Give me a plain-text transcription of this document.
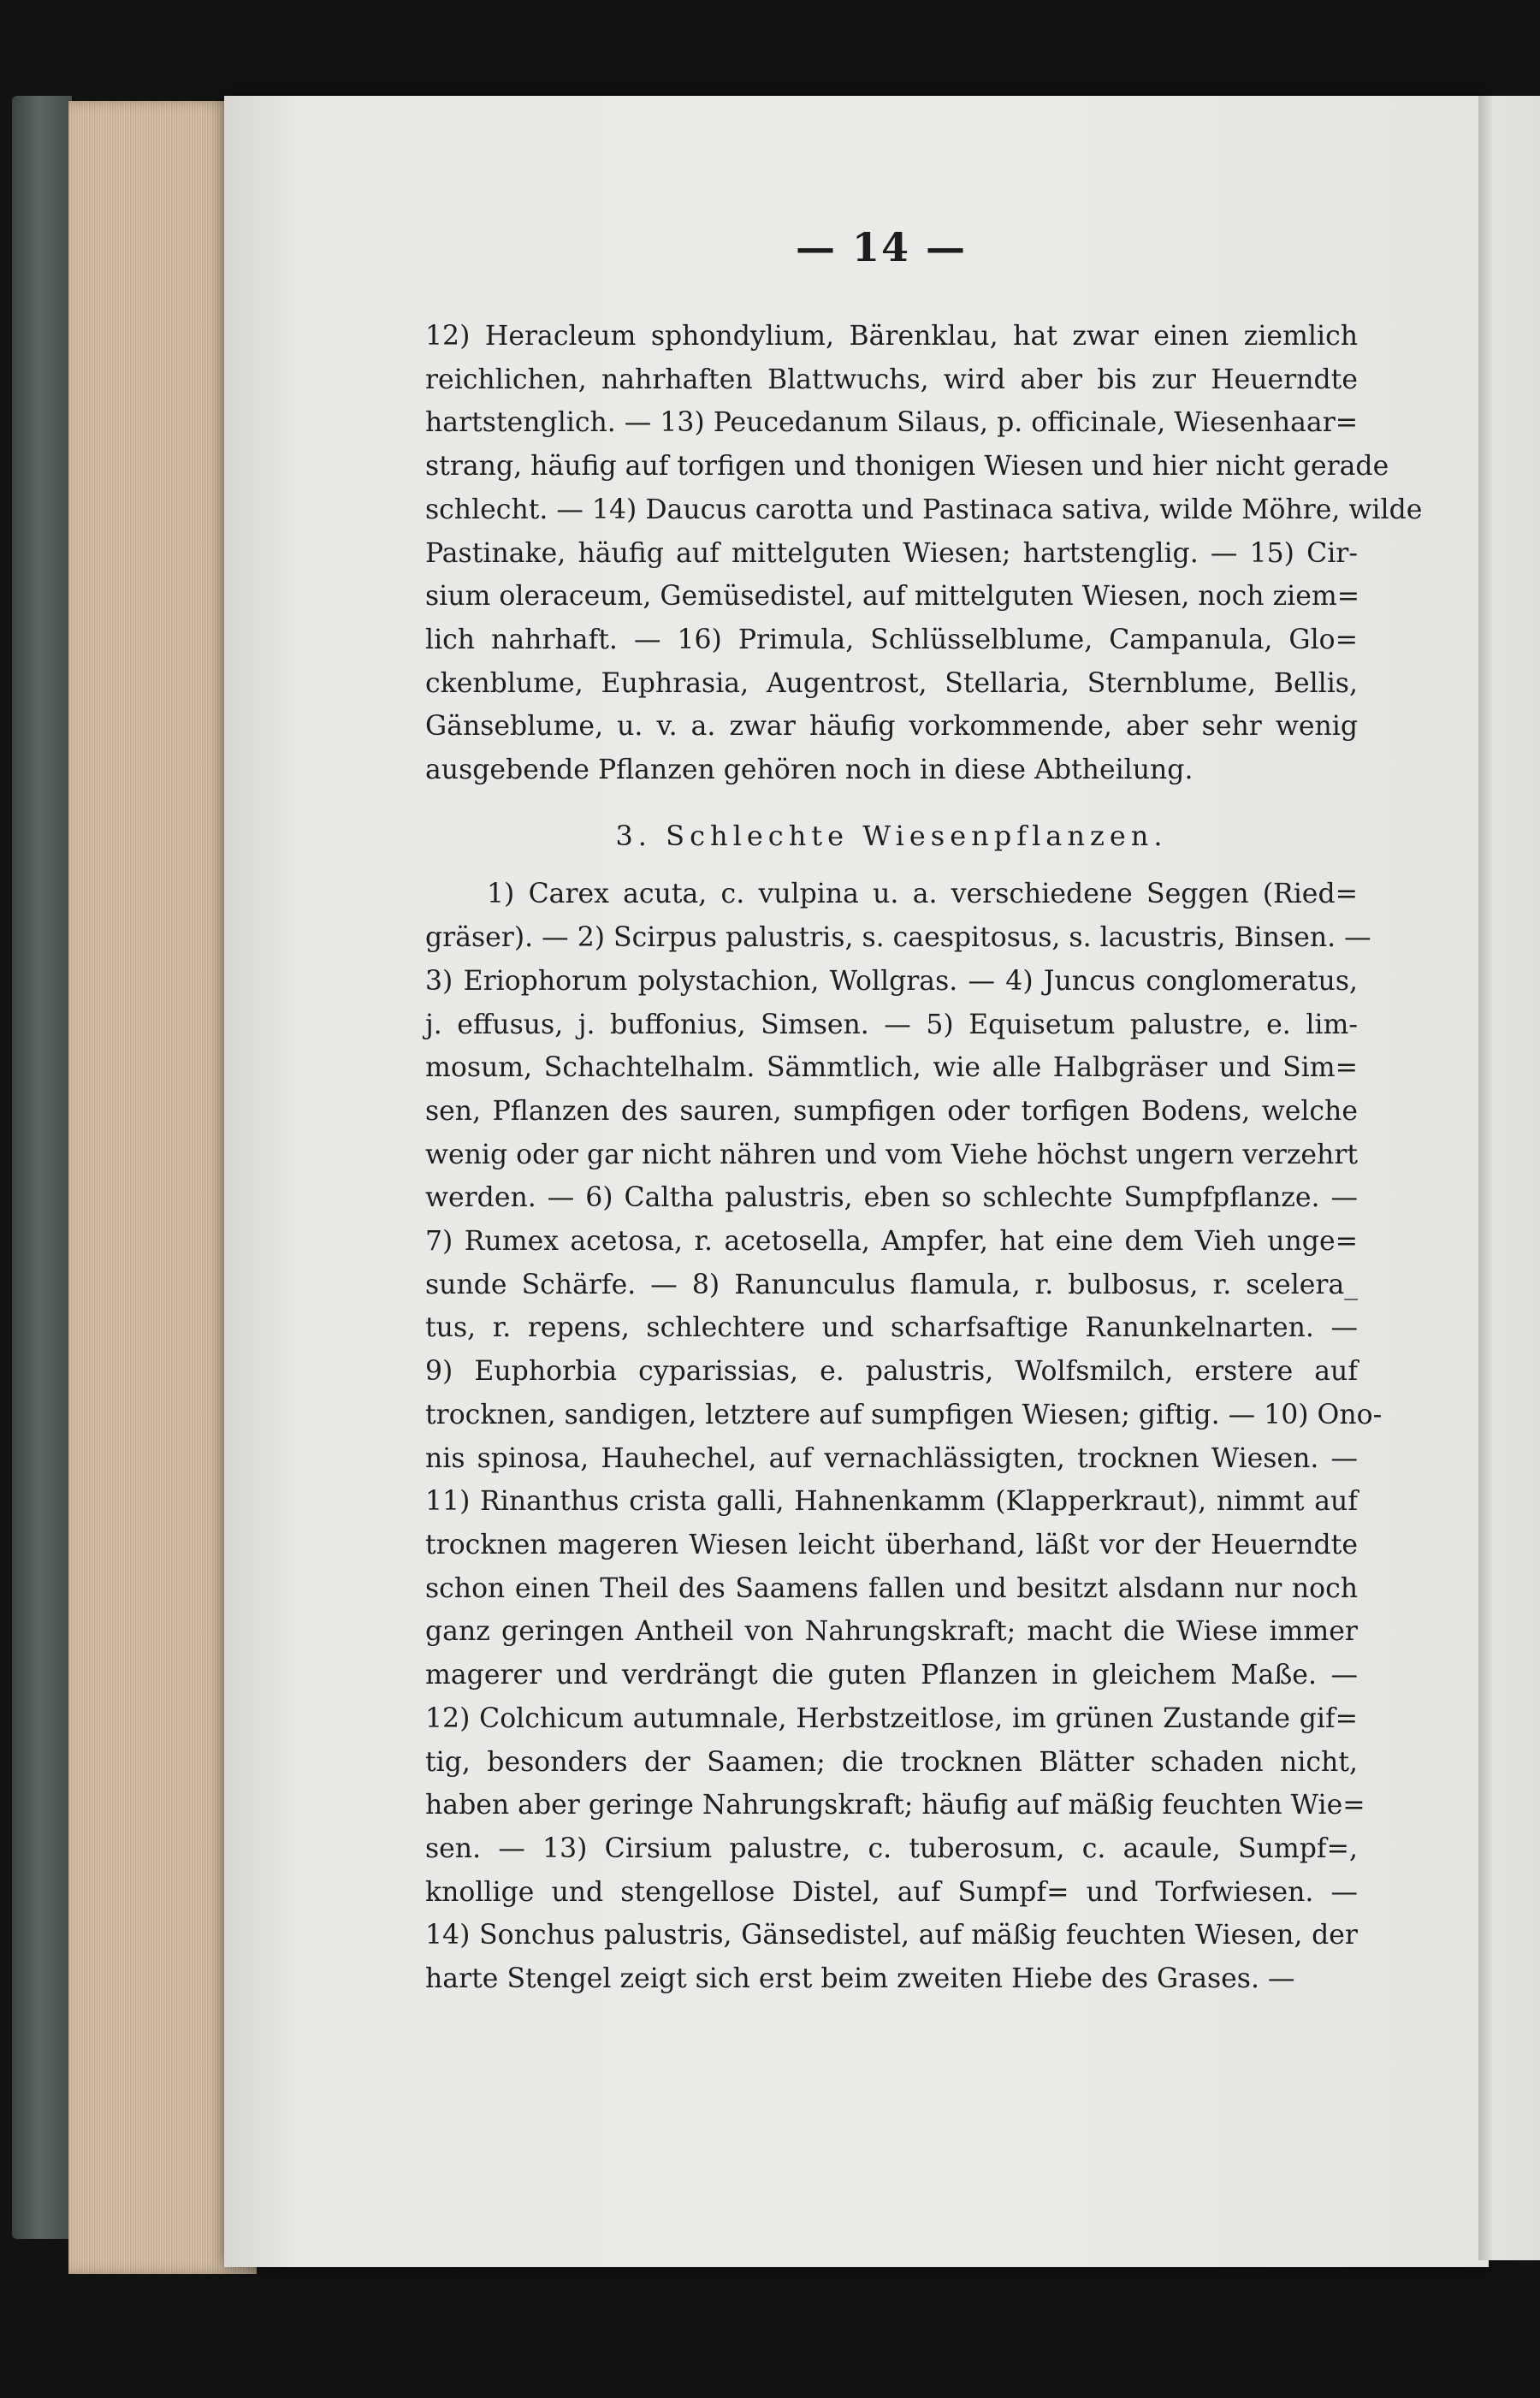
— 14 —
12) Heracleum sphondylium, Bärenklau, hat zwar einen ziemlich
reichlichen, nahrhaften Blattwuchs, wird aber bis zur Heuerndte
hartstenglich. — 13) Peucedanum Silaus, p. officinale, Wiesenhaar=
strang, häufig auf torfigen und thonigen Wiesen und hier nicht gerade
schlecht. — 14) Daucus carotta und Pastinaca sativa, wilde Möhre, wilde
Pastinake, häufig auf mittelguten Wiesen; hartstenglig. — 15) Cir-
sium oleraceum, Gemüsedistel, auf mittelguten Wiesen, noch ziem=
lich nahrhaft. — 16) Primula, Schlüsselblume, Campanula, Glo=
ckenblume, Euphrasia, Augentrost, Stellaria, Sternblume, Bellis,
Gänseblume, u. v. a. zwar häufig vorkommende, aber sehr wenig
ausgebende Pflanzen gehören noch in diese Abtheilung.
3. Schlechte Wiesenpflanzen.
1) Carex acuta, c. vulpina u. a. verschiedene Seggen (Ried=
gräser). — 2) Scirpus palustris, s. caespitosus, s. lacustris, Binsen. —
3) Eriophorum polystachion, Wollgras. — 4) Juncus conglomeratus,
j. effusus, j. buffonius, Simsen. — 5) Equisetum palustre, e. lim-
mosum, Schachtelhalm. Sämmtlich, wie alle Halbgräser und Sim=
sen, Pflanzen des sauren, sumpfigen oder torfigen Bodens, welche
wenig oder gar nicht nähren und vom Viehe höchst ungern verzehrt
werden. — 6) Caltha palustris, eben so schlechte Sumpfpflanze. —
7) Rumex acetosa, r. acetosella, Ampfer, hat eine dem Vieh unge=
sunde Schärfe. — 8) Ranunculus flamula, r. bulbosus, r. scelera_
tus, r. repens, schlechtere und scharfsaftige Ranunkelnarten. —
9) Euphorbia cyparissias, e. palustris, Wolfsmilch, erstere auf
trocknen, sandigen, letztere auf sumpfigen Wiesen; giftig. — 10) Ono-
nis spinosa, Hauhechel, auf vernachlässigten, trocknen Wiesen. —
11) Rinanthus crista galli, Hahnenkamm (Klapperkraut), nimmt auf
trocknen mageren Wiesen leicht überhand, läßt vor der Heuerndte
schon einen Theil des Saamens fallen und besitzt alsdann nur noch
ganz geringen Antheil von Nahrungskraft; macht die Wiese immer
magerer und verdrängt die guten Pflanzen in gleichem Maße. —
12) Colchicum autumnale, Herbstzeitlose, im grünen Zustande gif=
tig, besonders der Saamen; die trocknen Blätter schaden nicht,
haben aber geringe Nahrungskraft; häufig auf mäßig feuchten Wie=
sen. — 13) Cirsium palustre, c. tuberosum, c. acaule, Sumpf=,
knollige und stengellose Distel, auf Sumpf= und Torfwiesen. —
14) Sonchus palustris, Gänsedistel, auf mäßig feuchten Wiesen, der
harte Stengel zeigt sich erst beim zweiten Hiebe des Grases. —
